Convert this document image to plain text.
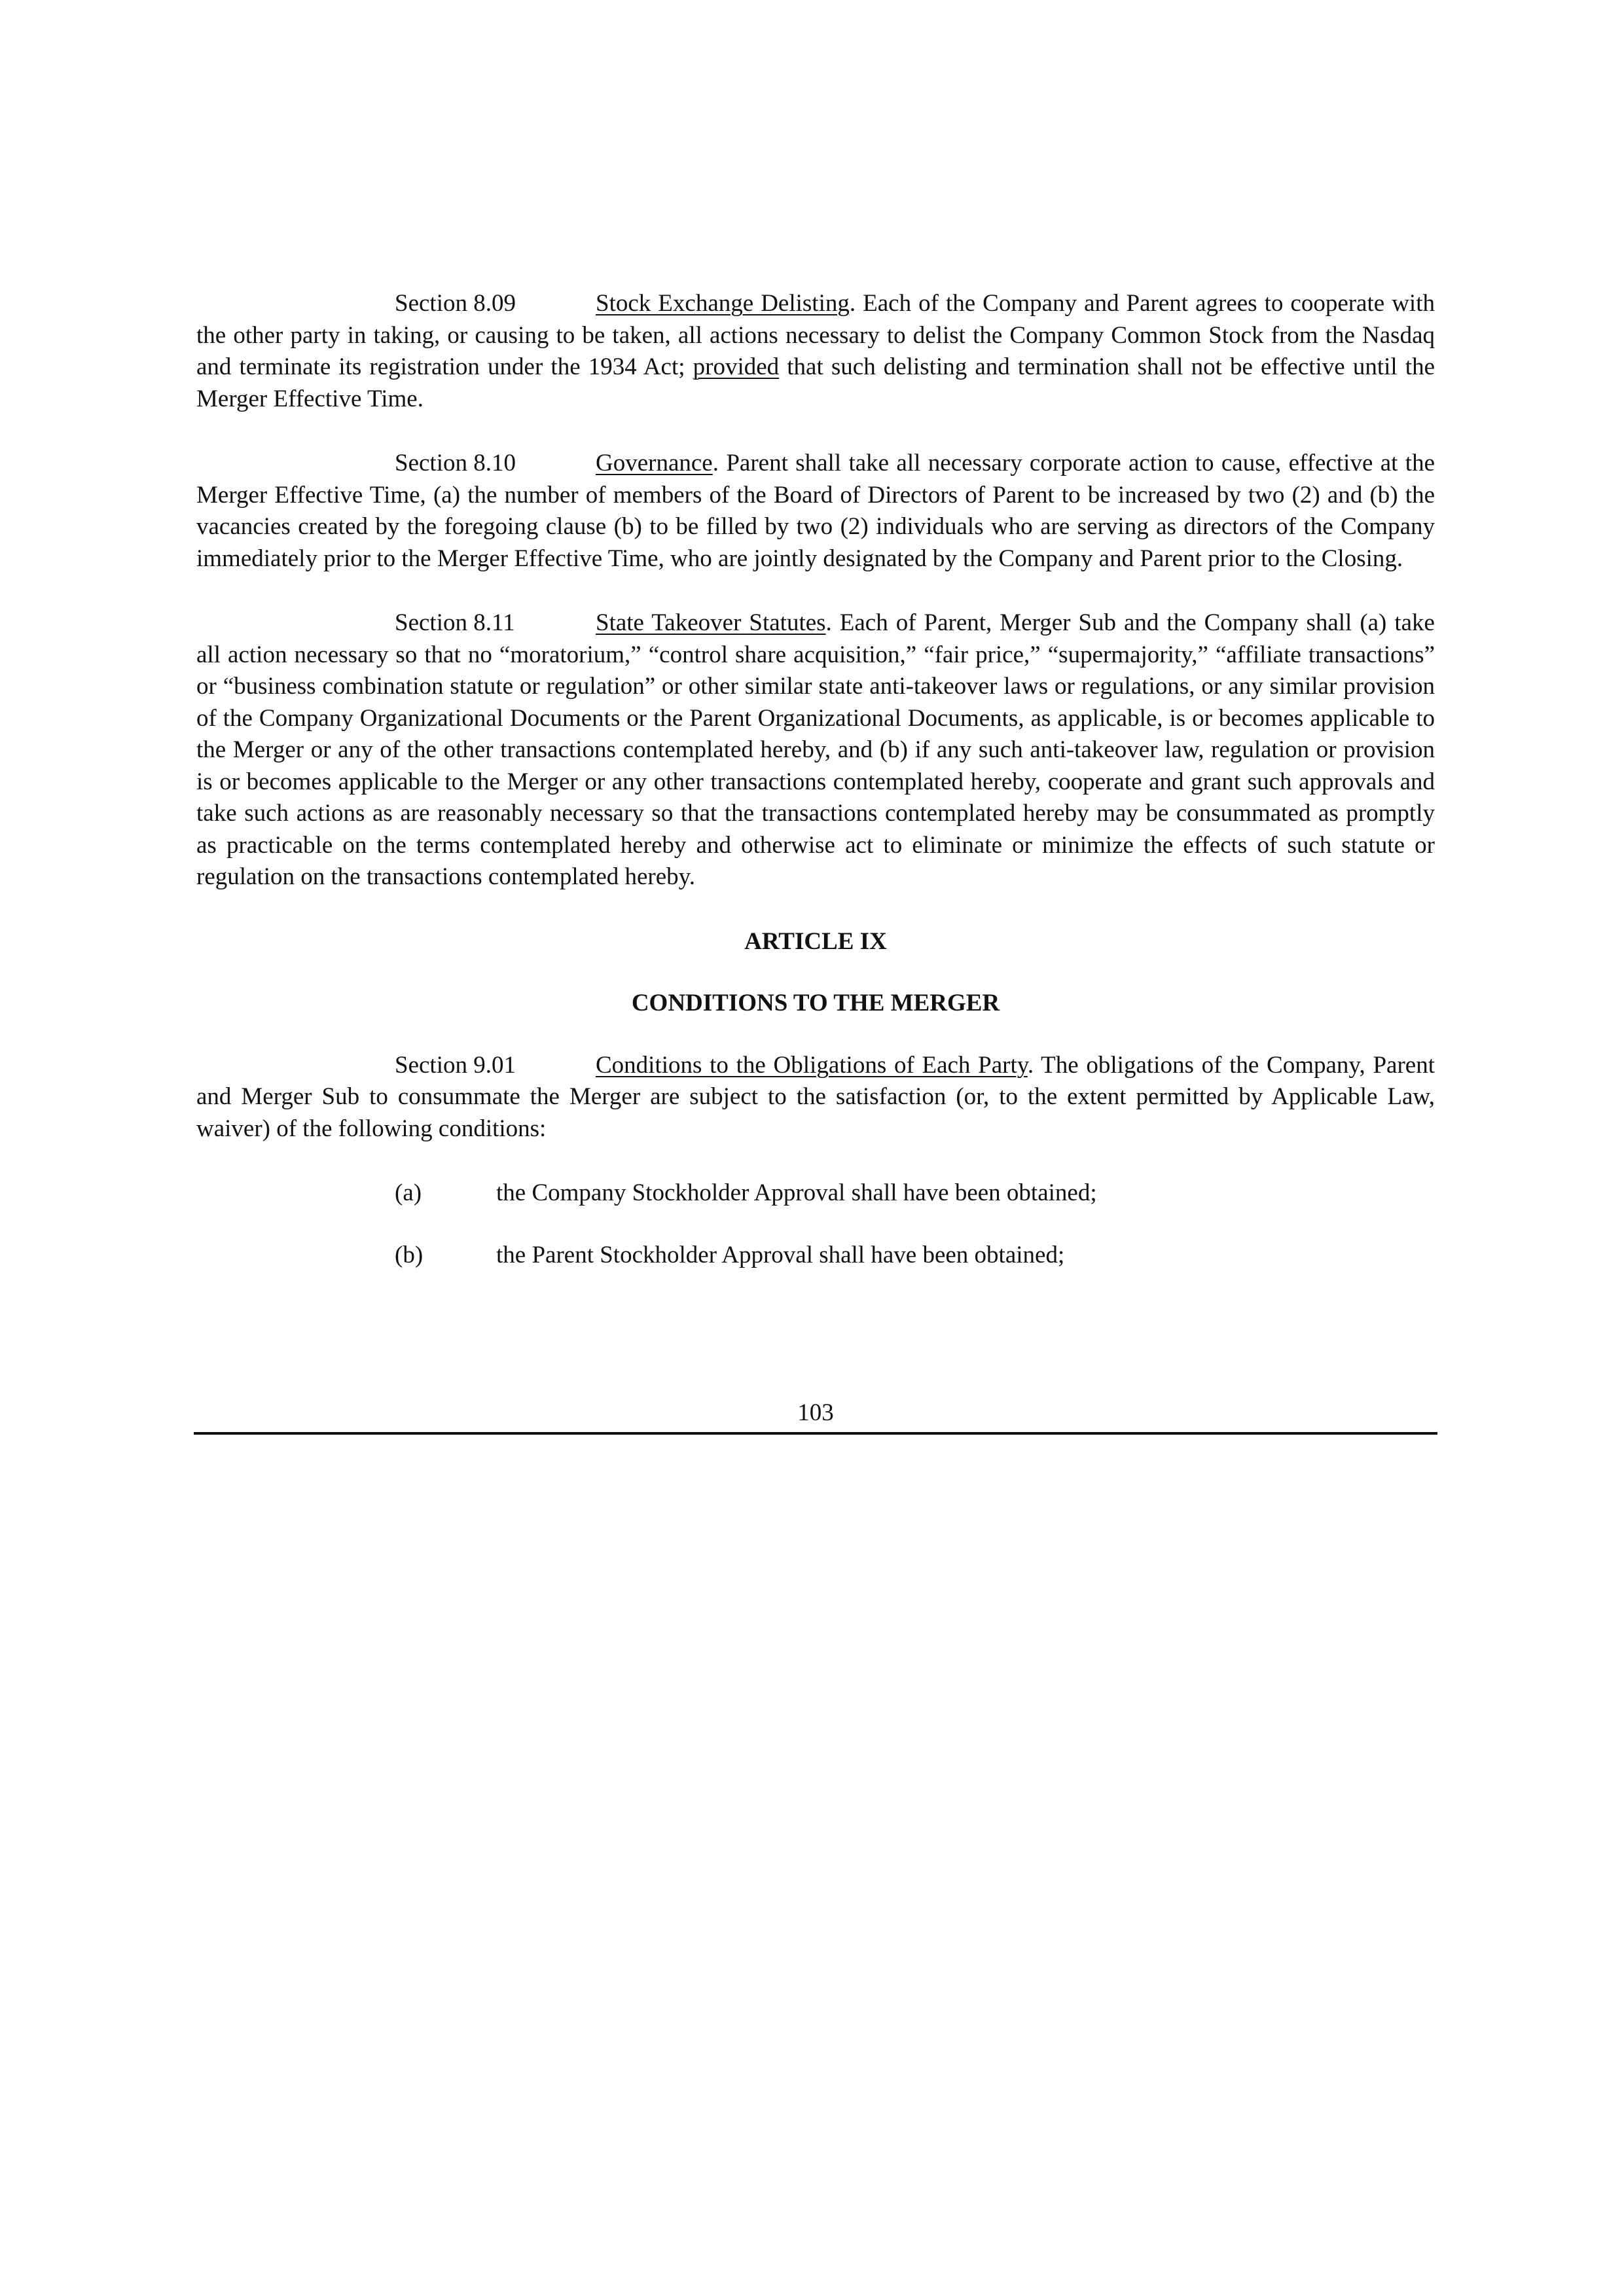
Section 8.09	Stock Exchange Delisting. Each of the Company and Parent agrees to cooperate with the other party in taking, or causing to be taken, all actions necessary to delist the Company Common Stock from the Nasdaq and terminate its registration under the 1934 Act; provided that such delisting and termination shall not be effective until the Merger Effective Time.

Section 8.10	Governance. Parent shall take all necessary corporate action to cause, effective at the Merger Effective Time, (a) the number of members of the Board of Directors of Parent to be increased by two (2) and (b) the vacancies created by the foregoing clause (b) to be filled by two (2) individuals who are serving as directors of the Company immediately prior to the Merger Effective Time, who are jointly designated by the Company and Parent prior to the Closing.

Section 8.11	State Takeover Statutes. Each of Parent, Merger Sub and the Company shall (a) take all action necessary so that no “moratorium,” “control share acquisition,” “fair price,” “supermajority,” “affiliate transactions” or “business combination statute or regulation” or other similar state anti-takeover laws or regulations, or any similar provision of the Company Organizational Documents or the Parent Organizational Documents, as applicable, is or becomes applicable to the Merger or any of the other transactions contemplated hereby, and (b) if any such anti-takeover law, regulation or provision is or becomes applicable to the Merger or any other transactions contemplated hereby, cooperate and grant such approvals and take such actions as are reasonably necessary so that the transactions contemplated hereby may be consummated as promptly as practicable on the terms contemplated hereby and otherwise act to eliminate or minimize the effects of such statute or regulation on the transactions contemplated hereby.

ARTICLE IX
CONDITIONS TO THE MERGER

Section 9.01	Conditions to the Obligations of Each Party. The obligations of the Company, Parent and Merger Sub to consummate the Merger are subject to the satisfaction (or, to the extent permitted by Applicable Law, waiver) of the following conditions:

(a)	the Company Stockholder Approval shall have been obtained;
(b)	the Parent Stockholder Approval shall have been obtained;
103
